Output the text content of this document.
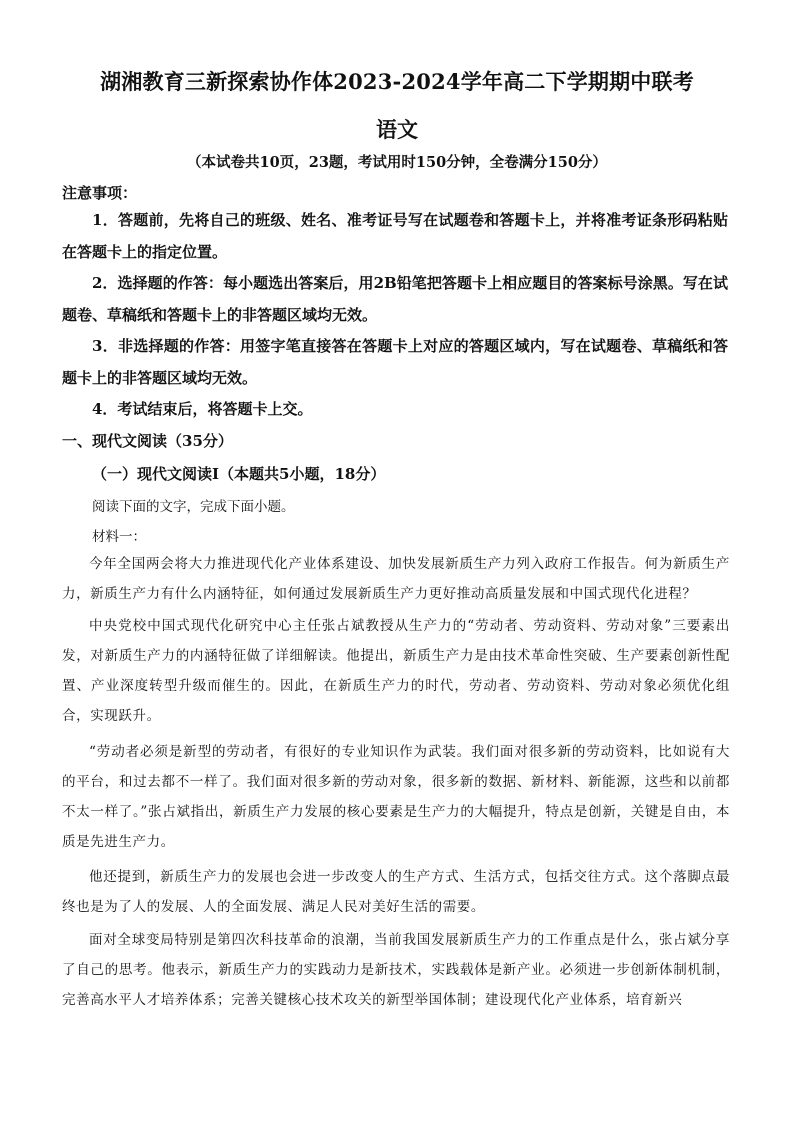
湖湘教育三新探索协作体2023-2024学年高二下学期期中联考
语文
（本试卷共10页，23题，考试用时150分钟，全卷满分150分）
注意事项：
1．答题前，先将自己的班级、姓名、准考证号写在试题卷和答题卡上，并将准考证条形码粘贴在答题卡上的指定位置。
2．选择题的作答：每小题选出答案后，用2B铅笔把答题卡上相应题目的答案标号涂黑。写在试题卷、草稿纸和答题卡上的非答题区域均无效。
3．非选择题的作答：用签字笔直接答在答题卡上对应的答题区域内，写在试题卷、草稿纸和答题卡上的非答题区域均无效。
4．考试结束后，将答题卡上交。
一、现代文阅读（35分）
（一）现代文阅读Ⅰ（本题共5小题，18分）
阅读下面的文字，完成下面小题。
材料一：
今年全国两会将大力推进现代化产业体系建设、加快发展新质生产力列入政府工作报告。何为新质生产力，新质生产力有什么内涵特征，如何通过发展新质生产力更好推动高质量发展和中国式现代化进程？
中央党校中国式现代化研究中心主任张占斌教授从生产力的“劳动者、劳动资料、劳动对象”三要素出发，对新质生产力的内涵特征做了详细解读。他提出，新质生产力是由技术革命性突破、生产要素创新性配置、产业深度转型升级而催生的。因此，在新质生产力的时代，劳动者、劳动资料、劳动对象必须优化组合，实现跃升。
“劳动者必须是新型的劳动者，有很好的专业知识作为武装。我们面对很多新的劳动资料，比如说有大的平台，和过去都不一样了。我们面对很多新的劳动对象，很多新的数据、新材料、新能源，这些和以前都不太一样了。”张占斌指出，新质生产力发展的核心要素是生产力的大幅提升，特点是创新，关键是自由，本质是先进生产力。
他还提到，新质生产力的发展也会进一步改变人的生产方式、生活方式，包括交往方式。这个落脚点最终也是为了人的发展、人的全面发展、满足人民对美好生活的需要。
面对全球变局特别是第四次科技革命的浪潮，当前我国发展新质生产力的工作重点是什么，张占斌分享了自己的思考。他表示，新质生产力的实践动力是新技术，实践载体是新产业。必须进一步创新体制机制，完善高水平人才培养体系；完善关键核心技术攻关的新型举国体制；建设现代化产业体系，培育新兴
